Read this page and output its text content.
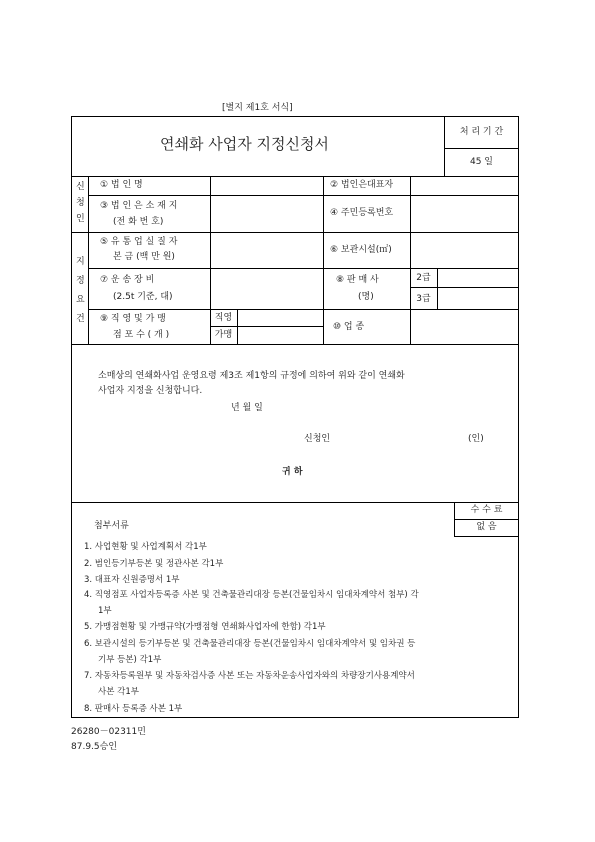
[별지 제1호 서식]
연쇄화 사업자 지정신청서
처 리 기 간
45 일
신
청
인
지
정
요
건
① 법 인 명	② 법인은대표자
③ 법 인 은 소 재 지
(전 화 번 호)
④ 주민등록번호
⑤ 유 통 업 실 질 자
본 금 (백 만 원)
⑥ 보관시설(㎡)
⑦ 운 송 장 비
(2.5t 기준, 대)
⑧ 판 매 사
(명)
2급
3급
⑨ 직 영 및 가 맹
점 포 수 ( 개 )
직영
가맹
⑩ 업 종
소매상의 연쇄화사업 운영요령 제3조 제1항의 규정에 의하여 위와 같이 연쇄화
사업자 지정을 신청합니다.
년 월 일
신청인	(인)
귀 하
수 수 료
없 음
첨부서류
1. 사업현황 및 사업계획서 각1부
2. 범인등기부등본 및 정관사본 각1부
3. 대표자 신원증명서 1부
4. 직영점포 사업자등록증 사본 및 건축물관리대장 등본(건물임차시 임대차계약서 첨부) 각
1부
5. 가맹점현황 및 가맹규약(가맹점형 연쇄화사업자에 한함) 각1부
6. 보관시설의 등기부등본 및 건축물관리대장 등본(건물임차시 임대차계약서 및 임차권 등
기부 등본) 각1부
7. 자동차등록원부 및 자동차검사증 사본 또는 자동차운송사업자와의 차량장기사용계약서
사본 각1부
8. 판매사 등록증 사본 1부
26280－02311민
87.9.5승인
